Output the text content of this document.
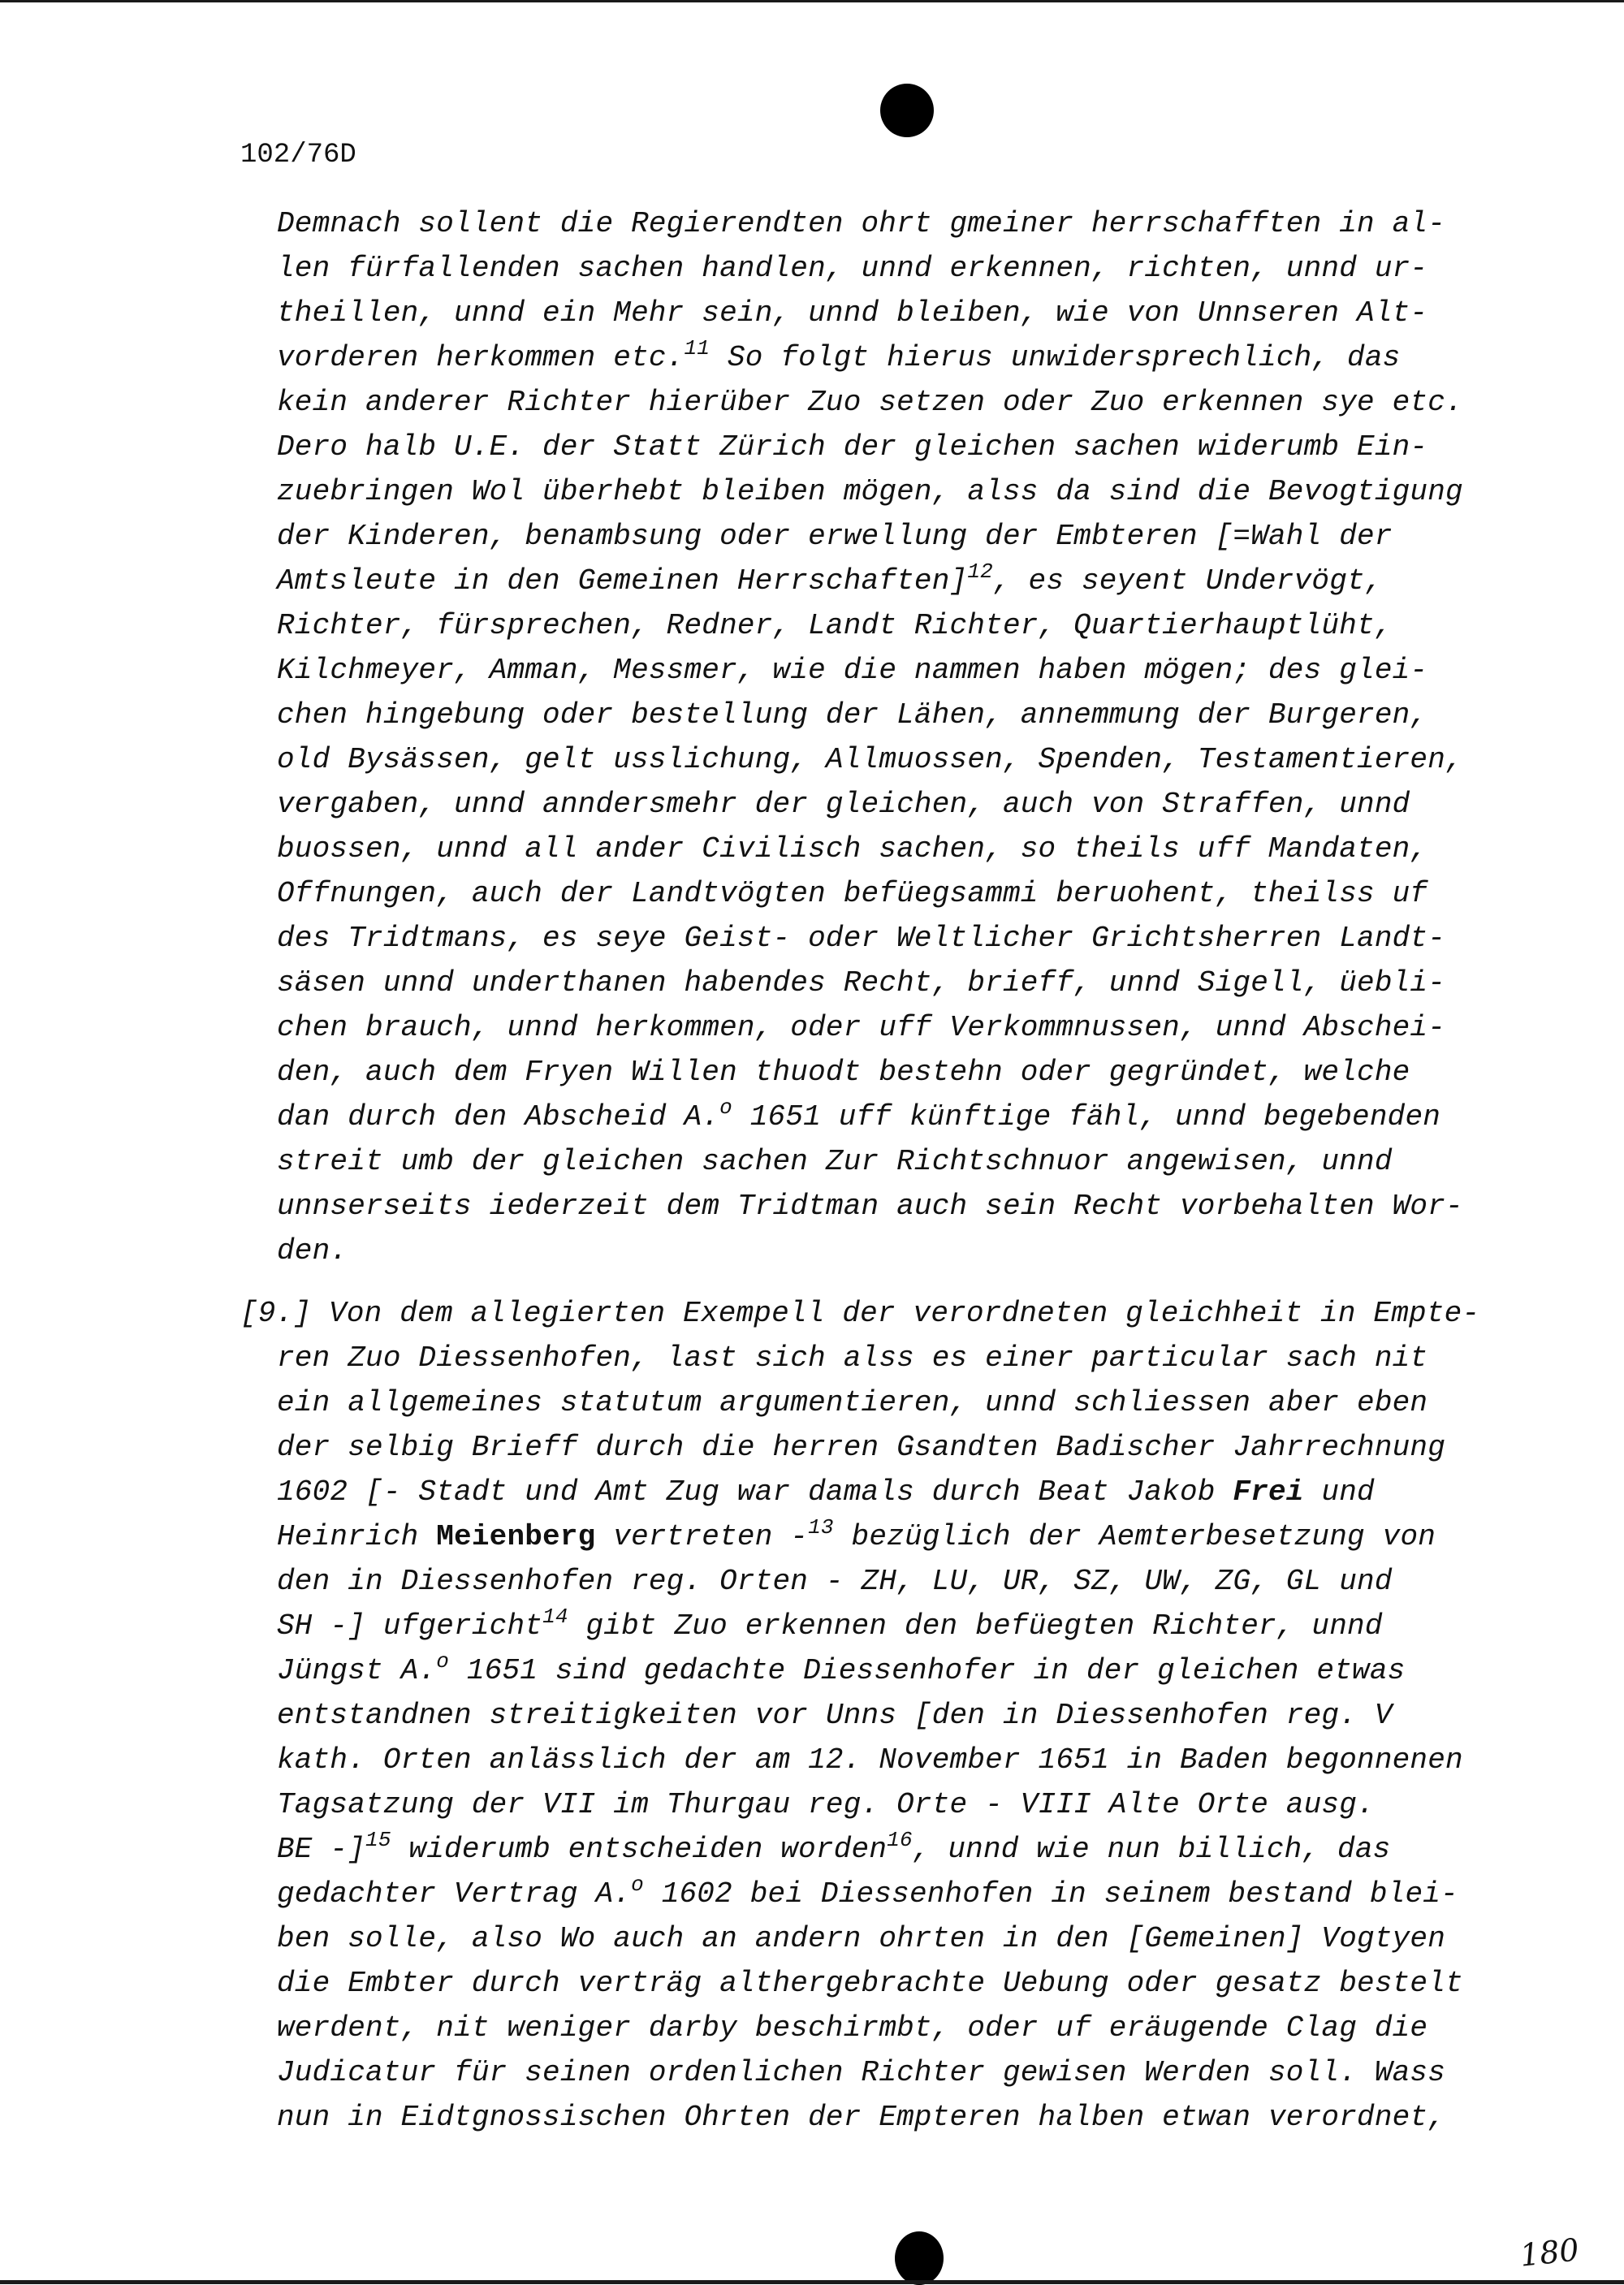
102/76D
Demnach sollent die Regierendten ohrt gmeiner herrschafften in al-
len fürfallenden sachen handlen, unnd erkennen, richten, unnd ur-
theillen, unnd ein Mehr sein, unnd bleiben, wie von Unnseren Alt-
vorderen herkommen etc.$^{11}$ So folgt hierus unwidersprechlich, das
kein anderer Richter hierüber Zuo setzen oder Zuo erkennen sye etc.
Dero halb U.E. der Statt Zürich der gleichen sachen widerumb Ein-
zuebringen Wol überhebt bleiben mögen, alss da sind die Bevogtigung
der Kinderen, benambsung oder erwellung der Embteren [=Wahl der
Amtsleute in den Gemeinen Herrschaften]$^{12}$, es seyent Undervögt,
Richter, fürsprechen, Redner, Landt Richter, Quartierhauptlüht,
Kilchmeyer, Amman, Messmer, wie die nammen haben mögen; des glei-
chen hingebung oder bestellung der Lähen, annemmung der Burgeren,
old Bysässen, gelt usslichung, Allmuossen, Spenden, Testamentieren,
vergaben, unnd anndersmehr der gleichen, auch von Straffen, unnd
buossen, unnd all ander Civilisch sachen, so theils uff Mandaten,
Offnungen, auch der Landtvögten befüegsammi beruohent, theilss uf
des Tridtmans, es seye Geist- oder Weltlicher Grichtsherren Landt-
säsen unnd underthanen habendes Recht, brieff, unnd Sigell, üebli-
chen brauch, unnd herkommen, oder uff Verkommnussen, unnd Abschei-
den, auch dem Fryen Willen thuodt bestehn oder gegründet, welche
dan durch den Abscheid A.$^o$ 1651 uff künftige fähl, unnd begebenden
streit umb der gleichen sachen Zur Richtschnuor angewisen, unnd
unnserseits iederzeit dem Tridtman auch sein Recht vorbehalten Wor-
den.
[9.] Von dem allegierten Exempell der verordneten gleichheit in Empte-
ren Zuo Diessenhofen, last sich alss es einer particular sach nit
ein allgemeines statutum argumentieren, unnd schliessen aber eben
der selbig Brieff durch die herren Gsandten Badischer Jahrrechnung
1602 [- Stadt und Amt Zug war damals durch Beat Jakob Frei und
Heinrich Meienberg vertreten -$^{13}$ bezüglich der Aemterbesetzung von
den in Diessenhofen reg. Orten - ZH, LU, UR, SZ, UW, ZG, GL und
SH -] ufgericht$^{14}$ gibt Zuo erkennen den befüegten Richter, unnd
Jüngst A.$^o$ 1651 sind gedachte Diessenhofer in der gleichen etwas
entstandnen streitigkeiten vor Unns [den in Diessenhofen reg. V
kath. Orten anlässlich der am 12. November 1651 in Baden begonnenen
Tagsatzung der VII im Thurgau reg. Orte - VIII Alte Orte ausg.
BE -]$^{15}$ widerumb entscheiden worden$^{16}$, unnd wie nun billich, das
gedachter Vertrag A.$^o$ 1602 bei Diessenhofen in seinem bestand blei-
ben solle, also Wo auch an andern ohrten in den [Gemeinen] Vogtyen
die Embter durch verträg althergebrachte Uebung oder gesatz bestelt
werdent, nit weniger darby beschirmbt, oder uf eräugende Clag die
Judicatur für seinen ordenlichen Richter gewisen Werden soll. Wass
nun in Eidtgnossischen Ohrten der Empteren halben etwan verordnet,
180
